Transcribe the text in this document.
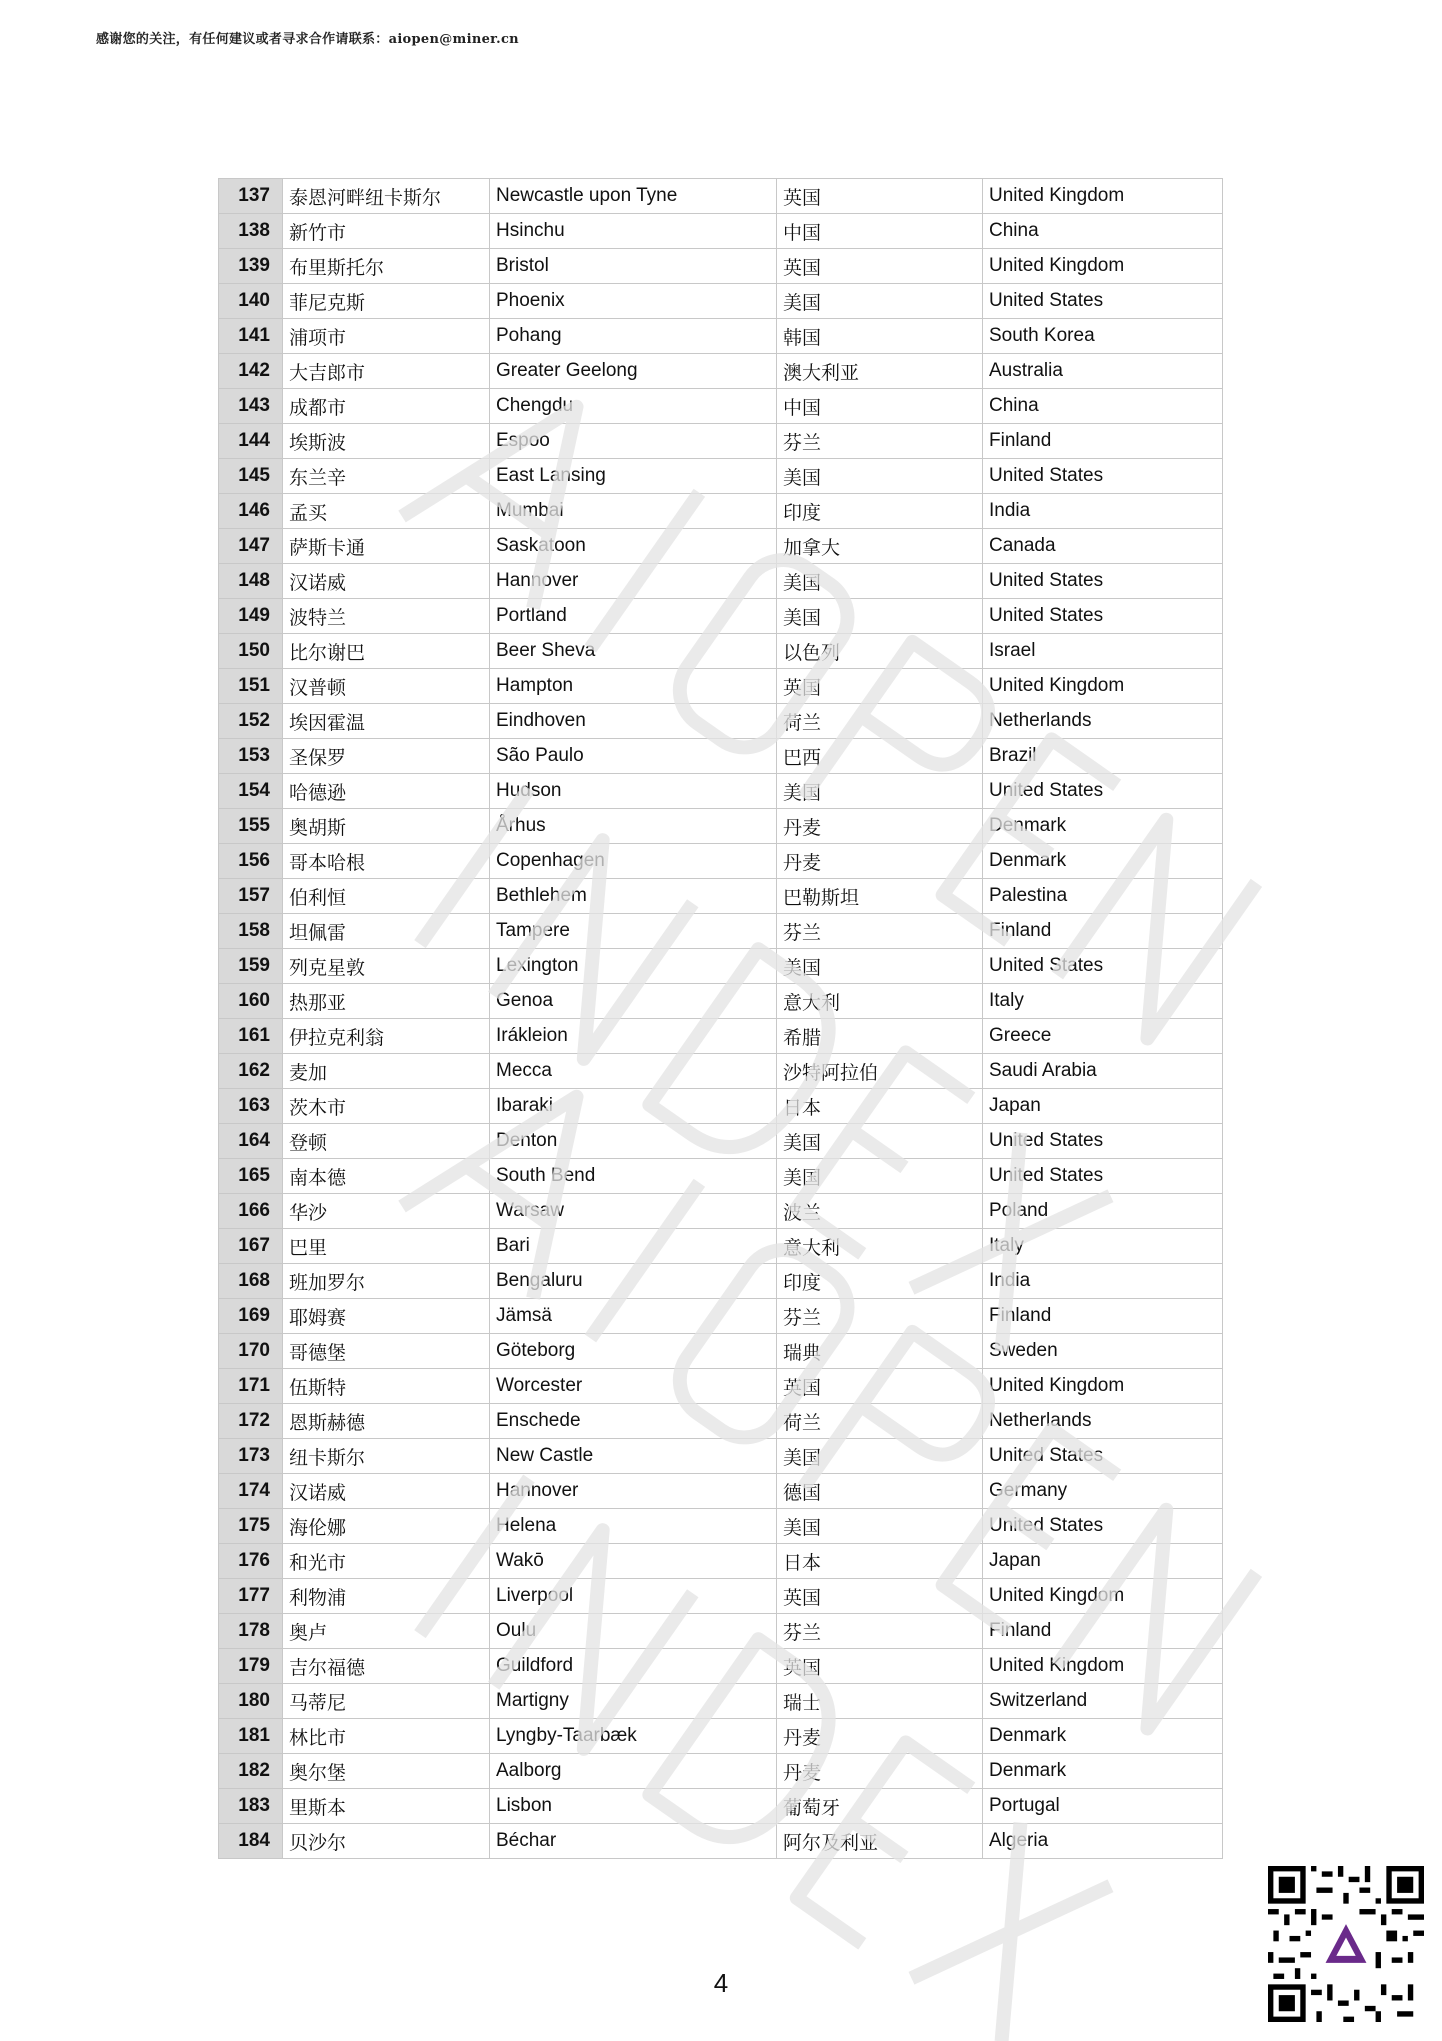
感谢您的关注，有任何建议或者寻求合作请联系：aiopen@miner.cn
137	泰恩河畔纽卡斯尔	Newcastle upon Tyne	英国	United Kingdom
138	新竹市	Hsinchu	中国	China
139	布里斯托尔	Bristol	英国	United Kingdom
140	菲尼克斯	Phoenix	美国	United States
141	浦项市	Pohang	韩国	South Korea
142	大吉郎市	Greater Geelong	澳大利亚	Australia
143	成都市	Chengdu	中国	China
144	埃斯波	Espoo	芬兰	Finland
145	东兰辛	East Lansing	美国	United States
146	孟买	Mumbai	印度	India
147	萨斯卡通	Saskatoon	加拿大	Canada
148	汉诺威	Hannover	美国	United States
149	波特兰	Portland	美国	United States
150	比尔谢巴	Beer Sheva	以色列	Israel
151	汉普顿	Hampton	英国	United Kingdom
152	埃因霍温	Eindhoven	荷兰	Netherlands
153	圣保罗	São Paulo	巴西	Brazil
154	哈德逊	Hudson	美国	United States
155	奥胡斯	Århus	丹麦	Denmark
156	哥本哈根	Copenhagen	丹麦	Denmark
157	伯利恒	Bethlehem	巴勒斯坦	Palestina
158	坦佩雷	Tampere	芬兰	Finland
159	列克星敦	Lexington	美国	United States
160	热那亚	Genoa	意大利	Italy
161	伊拉克利翁	Irákleion	希腊	Greece
162	麦加	Mecca	沙特阿拉伯	Saudi Arabia
163	茨木市	Ibaraki	日本	Japan
164	登顿	Denton	美国	United States
165	南本德	South Bend	美国	United States
166	华沙	Warsaw	波兰	Poland
167	巴里	Bari	意大利	Italy
168	班加罗尔	Bengaluru	印度	India
169	耶姆赛	Jämsä	芬兰	Finland
170	哥德堡	Göteborg	瑞典	Sweden
171	伍斯特	Worcester	英国	United Kingdom
172	恩斯赫德	Enschede	荷兰	Netherlands
173	纽卡斯尔	New Castle	美国	United States
174	汉诺威	Hannover	德国	Germany
175	海伦娜	Helena	美国	United States
176	和光市	Wakō	日本	Japan
177	利物浦	Liverpool	英国	United Kingdom
178	奥卢	Oulu	芬兰	Finland
179	吉尔福德	Guildford	英国	United Kingdom
180	马蒂尼	Martigny	瑞士	Switzerland
181	林比市	Lyngby-Taarbæk	丹麦	Denmark
182	奥尔堡	Aalborg	丹麦	Denmark
183	里斯本	Lisbon	葡萄牙	Portugal
184	贝沙尔	Béchar	阿尔及利亚	Algeria
4
